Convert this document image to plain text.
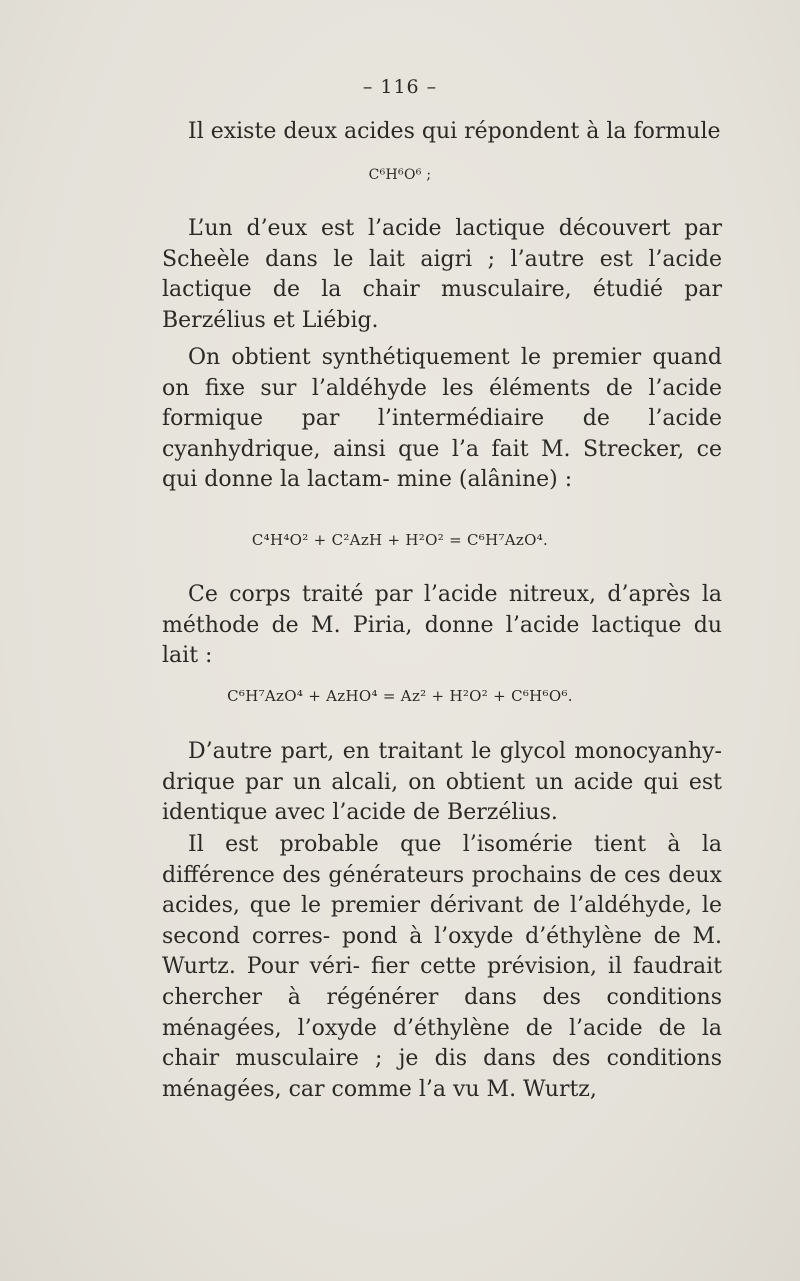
– 116 –
Il existe deux acides qui répondent à la formule
C⁶H⁶O⁶ ;
L’un d’eux est l’acide lactique découvert par Scheèle dans le lait aigri ; l’autre est l’acide lactique de la chair musculaire, étudié par Berzélius et Liébig.
On obtient synthétiquement le premier quand on fixe sur l’aldéhyde les éléments de l’acide formique par l’intermédiaire de l’acide cyanhydrique, ainsi que l’a fait M. Strecker, ce qui donne la lactam- mine (alânine) :
C⁴H⁴O² + C²AzH + H²O² = C⁶H⁷AzO⁴.
Ce corps traité par l’acide nitreux, d’après la méthode de M. Piria, donne l’acide lactique du lait :
C⁶H⁷AzO⁴ + AzHO⁴ = Az² + H²O² + C⁶H⁶O⁶.
D’autre part, en traitant le glycol monocyanhy- drique par un alcali, on obtient un acide qui est identique avec l’acide de Berzélius.
Il est probable que l’isomérie tient à la différence des générateurs prochains de ces deux acides, que le premier dérivant de l’aldéhyde, le second corres- pond à l’oxyde d’éthylène de M. Wurtz. Pour véri- fier cette prévision, il faudrait chercher à régénérer dans des conditions ménagées, l’oxyde d’éthylène de l’acide de la chair musculaire ; je dis dans des conditions ménagées, car comme l’a vu M. Wurtz,
